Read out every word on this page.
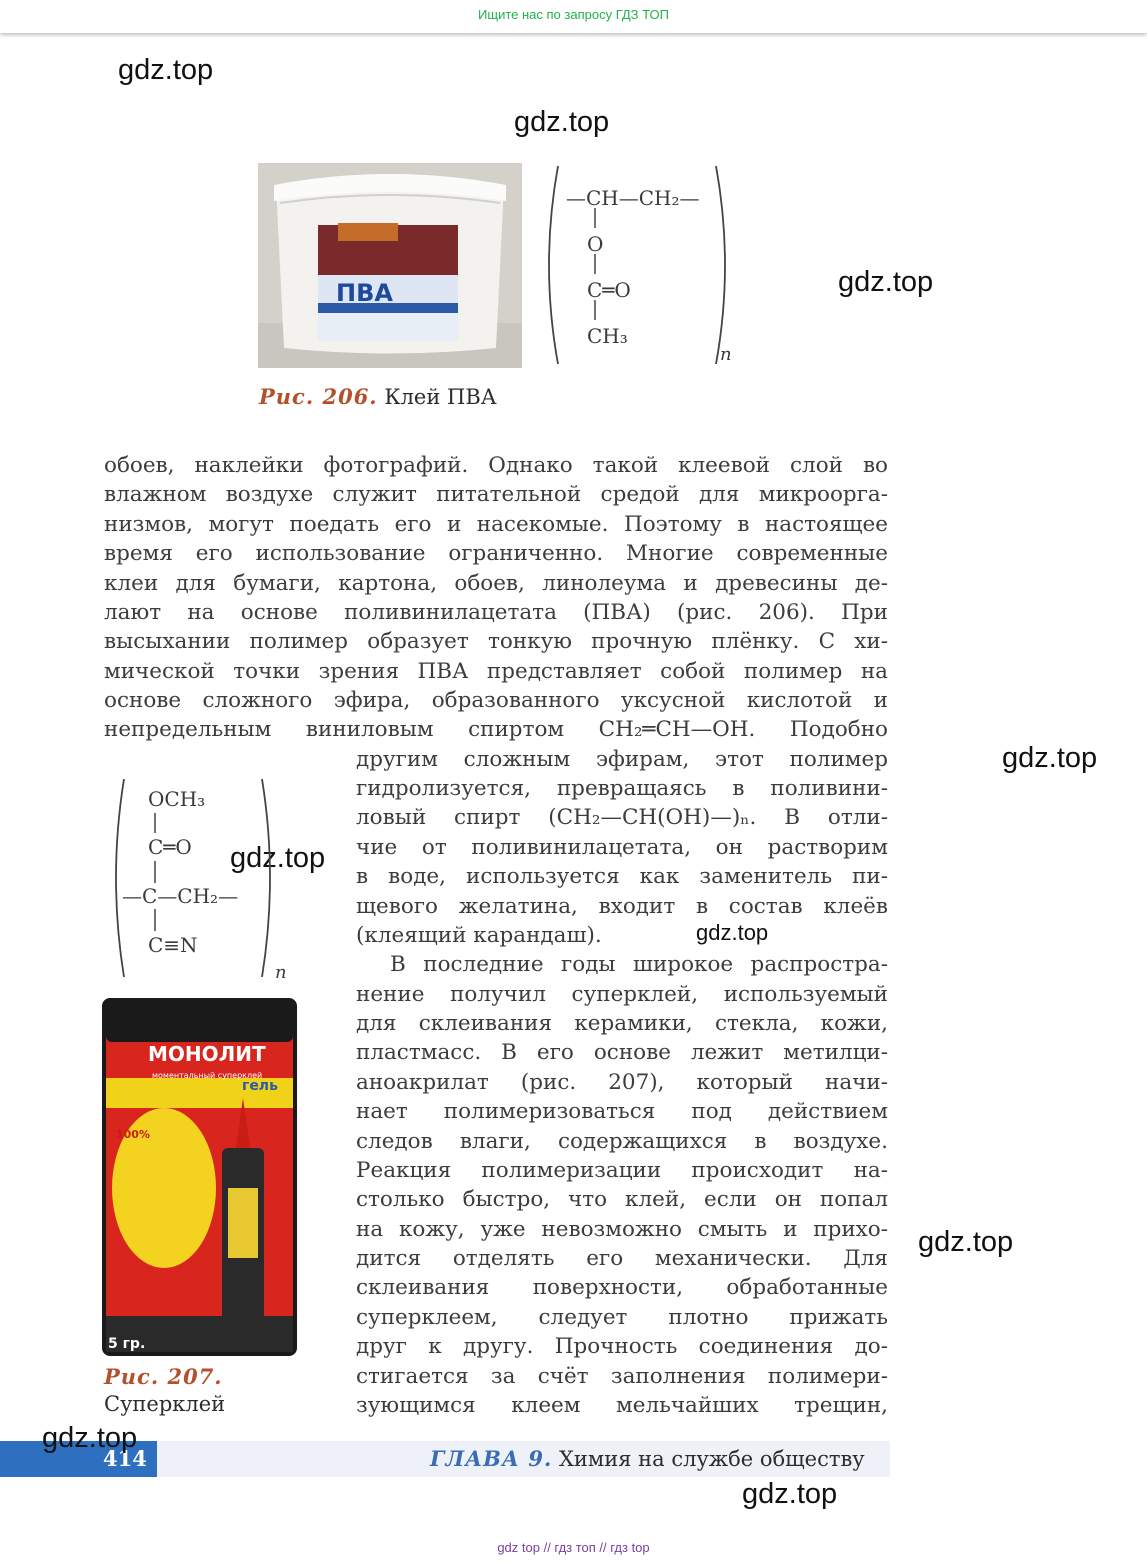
Ищите нас по запросу ГДЗ ТОП
gdz.top
gdz.top
gdz.top
gdz.top
gdz.top
gdz.top
gdz.top
gdz.top
gdz.top
ПВА
—CH—CH₂—
O
C═O
CH₃
n
Рис. 206. Клей ПВА
обоев, наклейки фотографий. Однако такой клеевой слой во
влажном воздухе служит питательной средой для микроорга-
низмов, могут поедать его и насекомые. Поэтому в настоящее
время его использование ограниченно. Многие современные
клеи для бумаги, картона, обоев, линолеума и древесины де-
лают на основе поливинилацетата (ПВА) (рис. 206). При
высыхании полимер образует тонкую прочную плёнку. С хи-
мической точки зрения ПВА представляет собой полимер на
основе сложного эфира, образованного уксусной кислотой и
непредельным виниловым спиртом CH₂═CH—OH. Подобно
другим сложным эфирам, этот полимер
гидролизуется, превращаясь в поливини-
ловый спирт (CH₂—CH(OH)—)ₙ. В отли-
чие от поливинилацетата, он растворим
в воде, используется как заменитель пи-
щевого желатина, входит в состав клеёв
(клеящий карандаш).
В последние годы широкое распростра-
нение получил суперклей, используемый
для склеивания керамики, стекла, кожи,
пластмасс. В его основе лежит метилци-
аноакрилат (рис. 207), который начи-
нает полимеризоваться под действием
следов влаги, содержащихся в воздухе.
Реакция полимеризации происходит на-
столько быстро, что клей, если он попал
на кожу, уже невозможно смыть и прихо-
дится отделять его механически. Для
склеивания поверхности, обработанные
суперклеем, следует плотно прижать
друг к другу. Прочность соединения до-
стигается за счёт заполнения полимери-
зующимся клеем мельчайших трещин,
OCH₃
C═O
—C—CH₂—
C≡N
n
МОНОЛИТ
моментальный суперклей
гель
100%
5 гр.
Рис. 207.
Суперклей
414	ГЛАВА 9. Химия на службе обществу
gdz top // гдз топ // гдз top
